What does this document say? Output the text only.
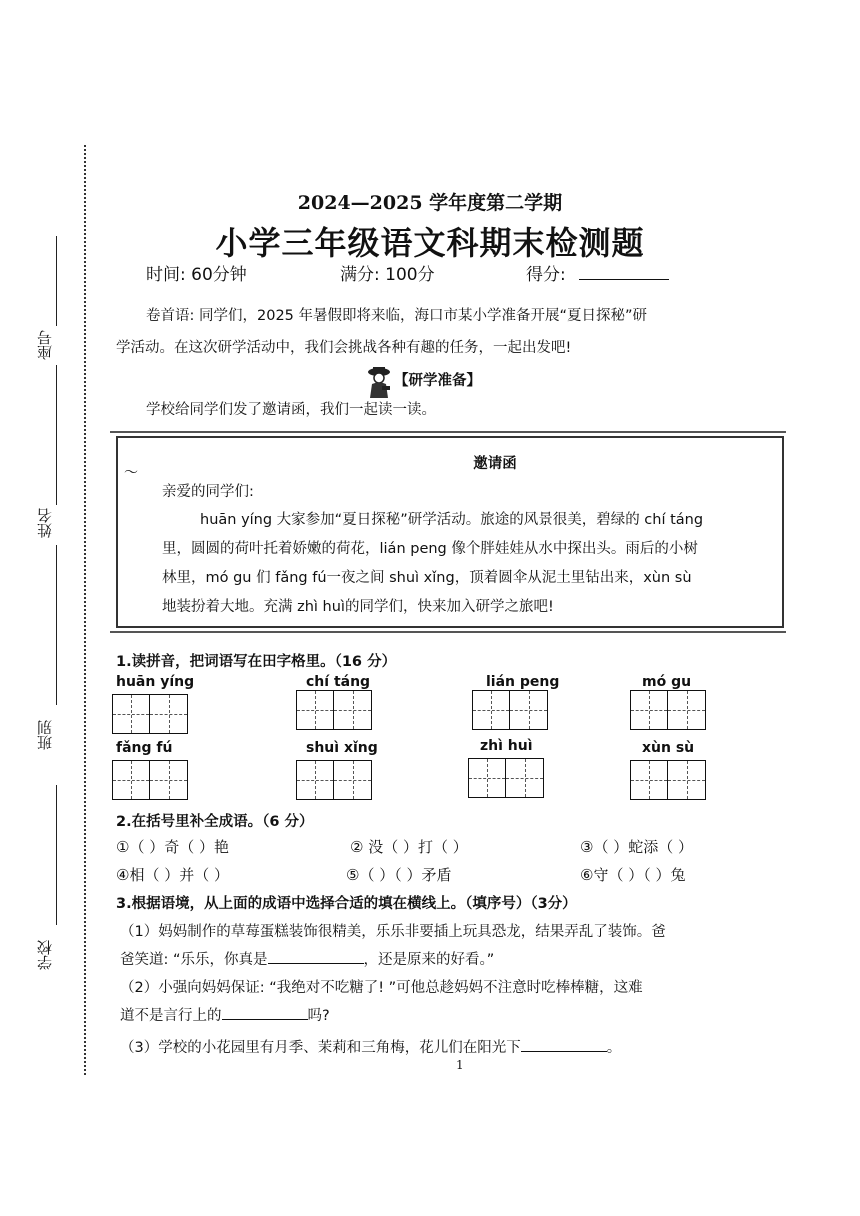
座号
姓名
班别
学校
2024—2025 学年度第二学期
小学三年级语文科期末检测题
时间: 60分钟	满分: 100分	得分:
卷首语: 同学们，2025 年暑假即将来临，海口市某小学准备开展“夏日探秘”研
学活动。在这次研学活动中，我们会挑战各种有趣的任务，一起出发吧!
【研学准备】
学校给同学们发了邀请函，我们一起读一读。
〜
邀请函
亲爱的同学们:
huān yíng 大家参加“夏日探秘”研学活动。旅途的风景很美，碧绿的 chí táng
里，圆圆的荷叶托着娇嫩的荷花，lián peng 像个胖娃娃从水中探出头。雨后的小树
林里，mó gu 们 fǎng fú一夜之间 shuì xǐng，顶着圆伞从泥土里钻出来，xùn sù
地装扮着大地。充满 zhì huì的同学们，快来加入研学之旅吧!
1.读拼音，把词语写在田字格里。（16 分）
huān yíng	chí táng	lián peng	mó gu
fǎng fú	shuì xǐng	zhì huì	xùn sù
2.在括号里补全成语。（6 分）
①（ ）奇（ ）艳	② 没（ ）打（ ）	③（ ）蛇添（ ）
④相（ ）并（ ）	⑤（ ）（ ）矛盾	⑥守（ ）（ ）兔
3.根据语境，从上面的成语中选择合适的填在横线上。（填序号）（3分）
（1）妈妈制作的草莓蛋糕装饰很精美，乐乐非要插上玩具恐龙，结果弄乱了装饰。爸
爸笑道: “乐乐，你真是	，还是原来的好看。”
（2）小强向妈妈保证: “我绝对不吃糖了! ”可他总趁妈妈不注意时吃棒棒糖，这难
道不是言行上的	吗?
（3）学校的小花园里有月季、茉莉和三角梅，花儿们在阳光下	。
1
